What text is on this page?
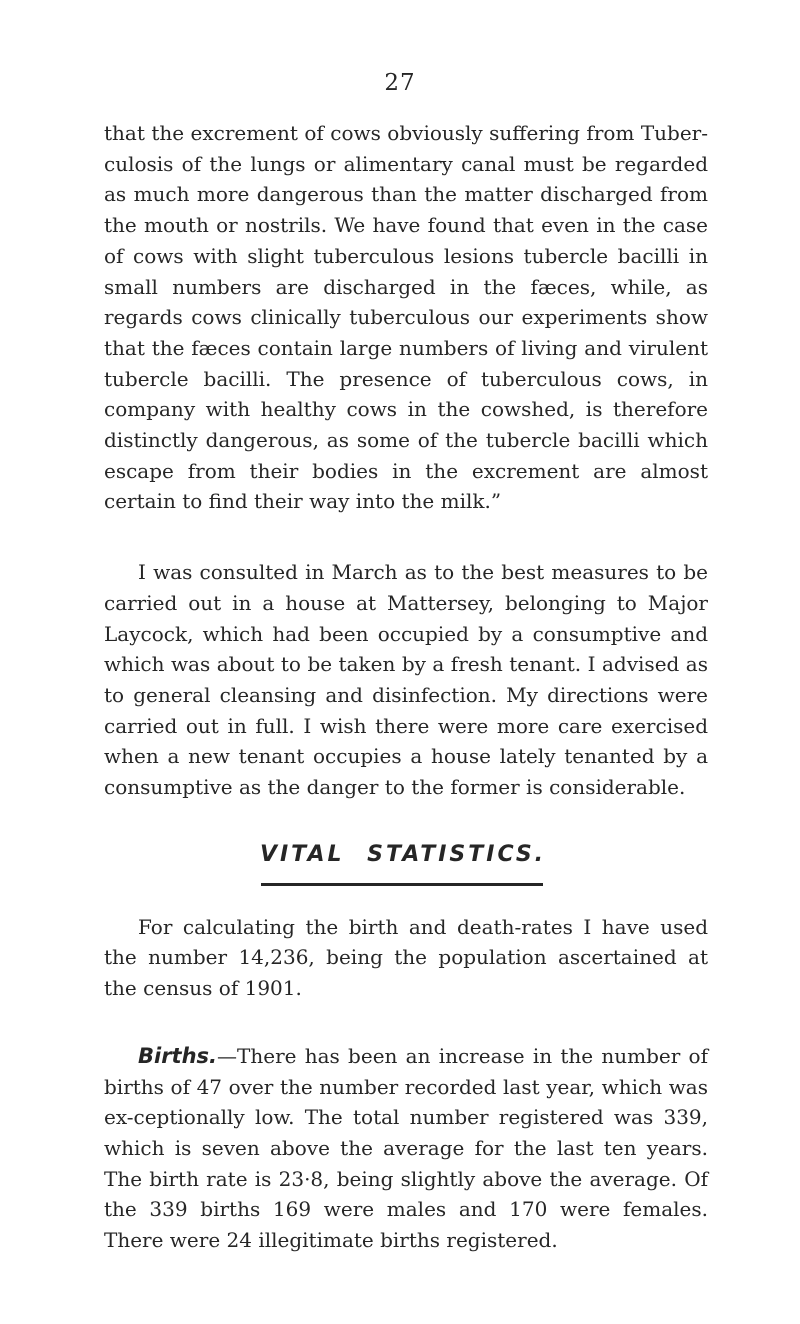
27

that the excrement of cows obviously suffering from Tuber-culosis of the lungs or alimentary canal must be regarded as much more dangerous than the matter discharged from the mouth or nostrils. We have found that even in the case of cows with slight tuberculous lesions tubercle bacilli in small numbers are discharged in the fæces, while, as regards cows clinically tuberculous our experiments show that the fæces contain large numbers of living and virulent tubercle bacilli. The presence of tuberculous cows, in company with healthy cows in the cowshed, is therefore distinctly dangerous, as some of the tubercle bacilli which escape from their bodies in the excrement are almost certain to find their way into the milk.”

I was consulted in March as to the best measures to be carried out in a house at Mattersey, belonging to Major Laycock, which had been occupied by a consumptive and which was about to be taken by a fresh tenant. I advised as to general cleansing and disinfection. My directions were carried out in full. I wish there were more care exercised when a new tenant occupies a house lately tenanted by a consumptive as the danger to the former is considerable.

VITAL STATISTICS.

For calculating the birth and death-rates I have used the number 14,236, being the population ascertained at the census of 1901.

Births.—There has been an increase in the number of births of 47 over the number recorded last year, which was ex-ceptionally low. The total number registered was 339, which is seven above the average for the last ten years. The birth rate is 23·8, being slightly above the average. Of the 339 births 169 were males and 170 were females. There were 24 illegitimate births registered.
